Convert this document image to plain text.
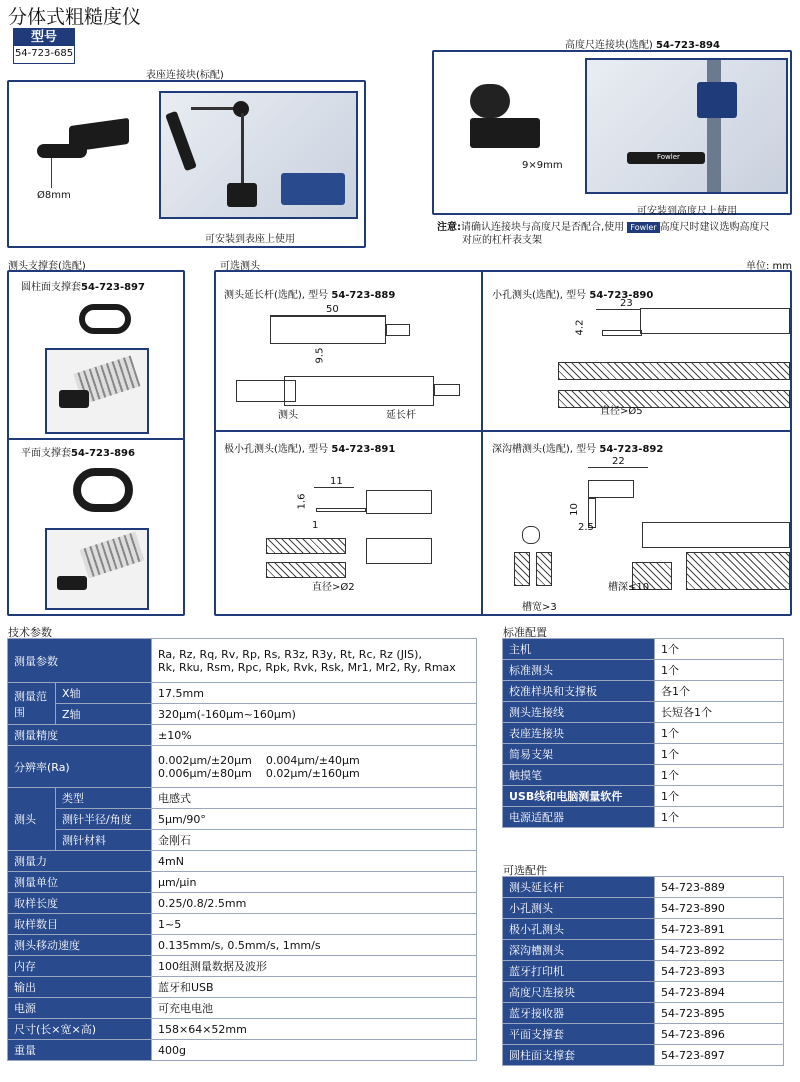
分体式粗糙度仪
型号
54-723-685
表座连接块(标配)
Ø8mm
可安装到表座上使用
高度尺连接块(选配) 54-723-894
9×9mm
Fowler
可安装到高度尺上使用
注意:请确认连接块与高度尺是否配合,使用 Fowler 高度尺时建议选购高度尺
对应的杠杆表支架
测头支撑套(选配)
圆柱面支撑套54-723-897
平面支撑套54-723-896
可选测头	单位: mm
测头延长杆(选配), 型号 54-723-889
50
9.5
测头	延长杆
小孔测头(选配), 型号 54-723-890
23
4.2
直径>Ø5
极小孔测头(选配), 型号 54-723-891
11
1.6
1
直径>Ø2
深沟槽测头(选配), 型号 54-723-892
22
10
2.5
槽宽>3
槽深≤10
技术参数
测量参数		Ra, Rz, Rq, Rv, Rp, Rs, R3z, R3y, Rt, Rc, Rz (JIS),
Rk, Rku, Rsm, Rpc, Rpk, Rvk, Rsk, Mr1, Mr2, Ry, Rmax

测量范围	X轴	17.5mm
	Z轴	320μm(-160μm~160μm)
测量精度		±10%
分辨率(Ra)		0.002μm/±20μm    0.004μm/±40μm
0.006μm/±80μm    0.02μm/±160μm

测头	类型	电感式
	测针半径/角度	5μm/90°
	测针材料	金刚石
测量力		4mN
测量单位		μm/μin
取样长度		0.25/0.8/2.5mm
取样数目		1~5
测头移动速度		0.135mm/s, 0.5mm/s, 1mm/s
内存		100组测量数据及波形
输出		蓝牙和USB
电源		可充电电池
尺寸(长×宽×高)		158×64×52mm
重量		400g
标准配置
主机	1个
标准测头	1个
校准样块和支撑板	各1个
测头连接线	长短各1个
表座连接块	1个
简易支架	1个
触摸笔	1个
USB线和电脑测量软件	1个
电源适配器	1个
可选配件
测头延长杆	54-723-889
小孔测头	54-723-890
极小孔测头	54-723-891
深沟槽测头	54-723-892
蓝牙打印机	54-723-893
高度尺连接块	54-723-894
蓝牙接收器	54-723-895
平面支撑套	54-723-896
圆柱面支撑套	54-723-897
